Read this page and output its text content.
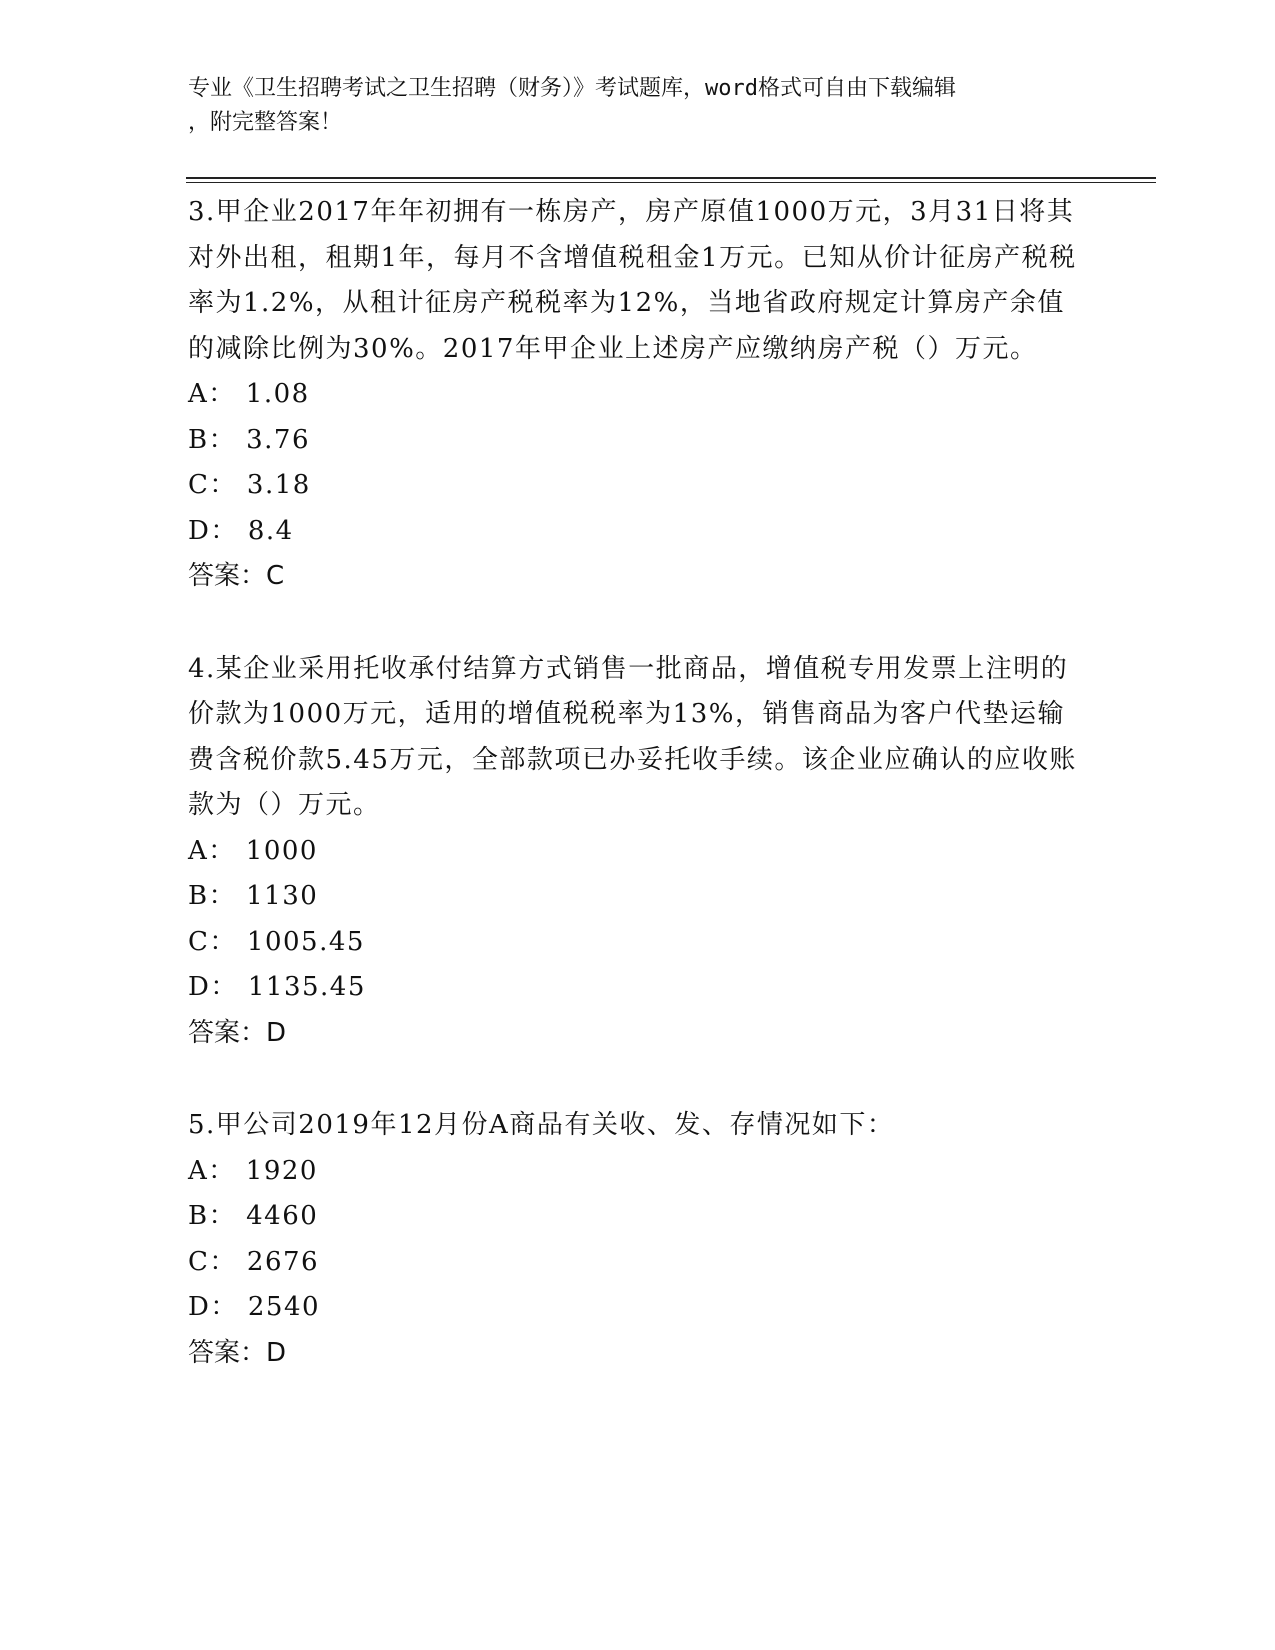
专业《卫生招聘考试之卫生招聘（财务）》考试题库，word格式可自由下载编辑
，附完整答案！
3.甲企业2017年年初拥有一栋房产，房产原值1000万元，3月31日将其对外出租，租期1年，每月不含增值税租金1万元。已知从价计征房产税税率为1.2%，从租计征房产税税率为12%，当地省政府规定计算房产余值的减除比例为30%。2017年甲企业上述房产应缴纳房产税（）万元。
A： 1.08
B： 3.76
C： 3.18
D： 8.4
答案：C
4.某企业采用托收承付结算方式销售一批商品，增值税专用发票上注明的价款为1000万元，适用的增值税税率为13%，销售商品为客户代垫运输费含税价款5.45万元，全部款项已办妥托收手续。该企业应确认的应收账款为（）万元。
A： 1000
B： 1130
C： 1005.45
D： 1135.45
答案：D
5.甲公司2019年12月份A商品有关收、发、存情况如下：
A： 1920
B： 4460
C： 2676
D： 2540
答案：D
